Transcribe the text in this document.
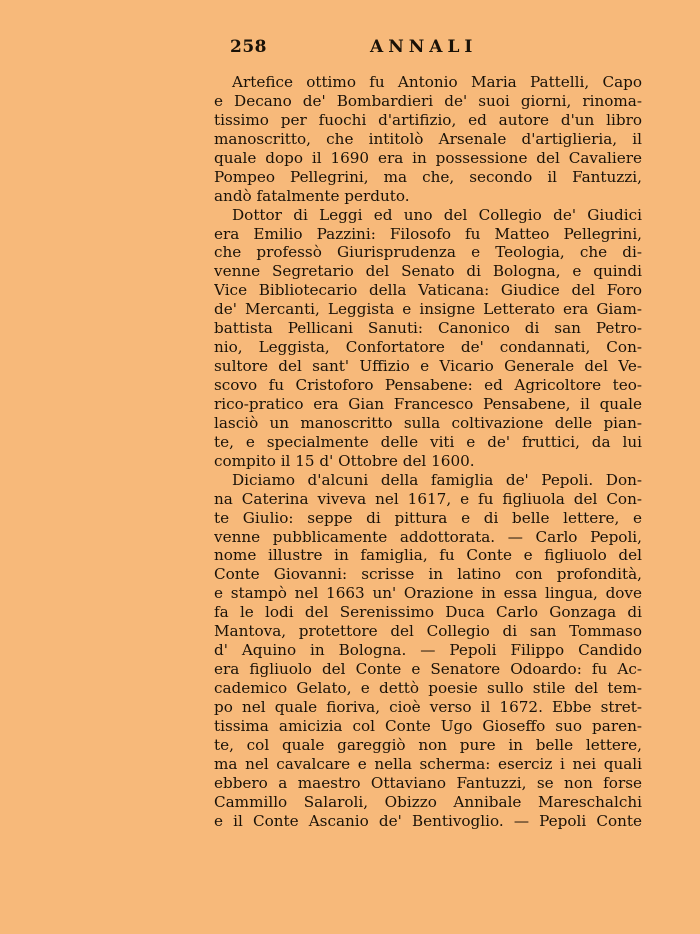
258	ANNALI
Artefice ottimo fu Antonio Maria Pattelli, Capo
e Decano de' Bombardieri de' suoi giorni, rinoma-
tissimo per fuochi d'artifizio, ed autore d'un libro
manoscritto, che intitolò Arsenale d'artiglieria, il
quale dopo il 1690 era in possessione del Cavaliere
Pompeo Pellegrini, ma che, secondo il Fantuzzi,
andò fatalmente perduto.
Dottor di Leggi ed uno del Collegio de' Giudici
era Emilio Pazzini: Filosofo fu Matteo Pellegrini,
che professò Giurisprudenza e Teologia, che di-
venne Segretario del Senato di Bologna, e quindi
Vice Bibliotecario della Vaticana: Giudice del Foro
de' Mercanti, Leggista e insigne Letterato era Giam-
battista Pellicani Sanuti: Canonico di san Petro-
nio, Leggista, Confortatore de' condannati, Con-
sultore del sant' Uffizio e Vicario Generale del Ve-
scovo fu Cristoforo Pensabene: ed Agricoltore teo-
rico-pratico era Gian Francesco Pensabene, il quale
lasciò un manoscritto sulla coltivazione delle pian-
te, e specialmente delle viti e de' fruttici, da lui
compito il 15 d' Ottobre del 1600.
Diciamo d'alcuni della famiglia de' Pepoli. Don-
na Caterina viveva nel 1617, e fu figliuola del Con-
te Giulio: seppe di pittura e di belle lettere, e
venne pubblicamente addottorata. — Carlo Pepoli,
nome illustre in famiglia, fu Conte e figliuolo del
Conte Giovanni: scrisse in latino con profondità,
e stampò nel 1663 un' Orazione in essa lingua, dove
fa le lodi del Serenissimo Duca Carlo Gonzaga di
Mantova, protettore del Collegio di san Tommaso
d' Aquino in Bologna. — Pepoli Filippo Candido
era figliuolo del Conte e Senatore Odoardo: fu Ac-
cademico Gelato, e dettò poesie sullo stile del tem-
po nel quale fioriva, cioè verso il 1672. Ebbe stret-
tissima amicizia col Conte Ugo Gioseffo suo paren-
te, col quale gareggiò non pure in belle lettere,
ma nel cavalcare e nella scherma: eserciz i nei quali
ebbero a maestro Ottaviano Fantuzzi, se non forse
Cammillo Salaroli, Obizzo Annibale Mareschalchi
e il Conte Ascanio de' Bentivoglio. — Pepoli Conte
